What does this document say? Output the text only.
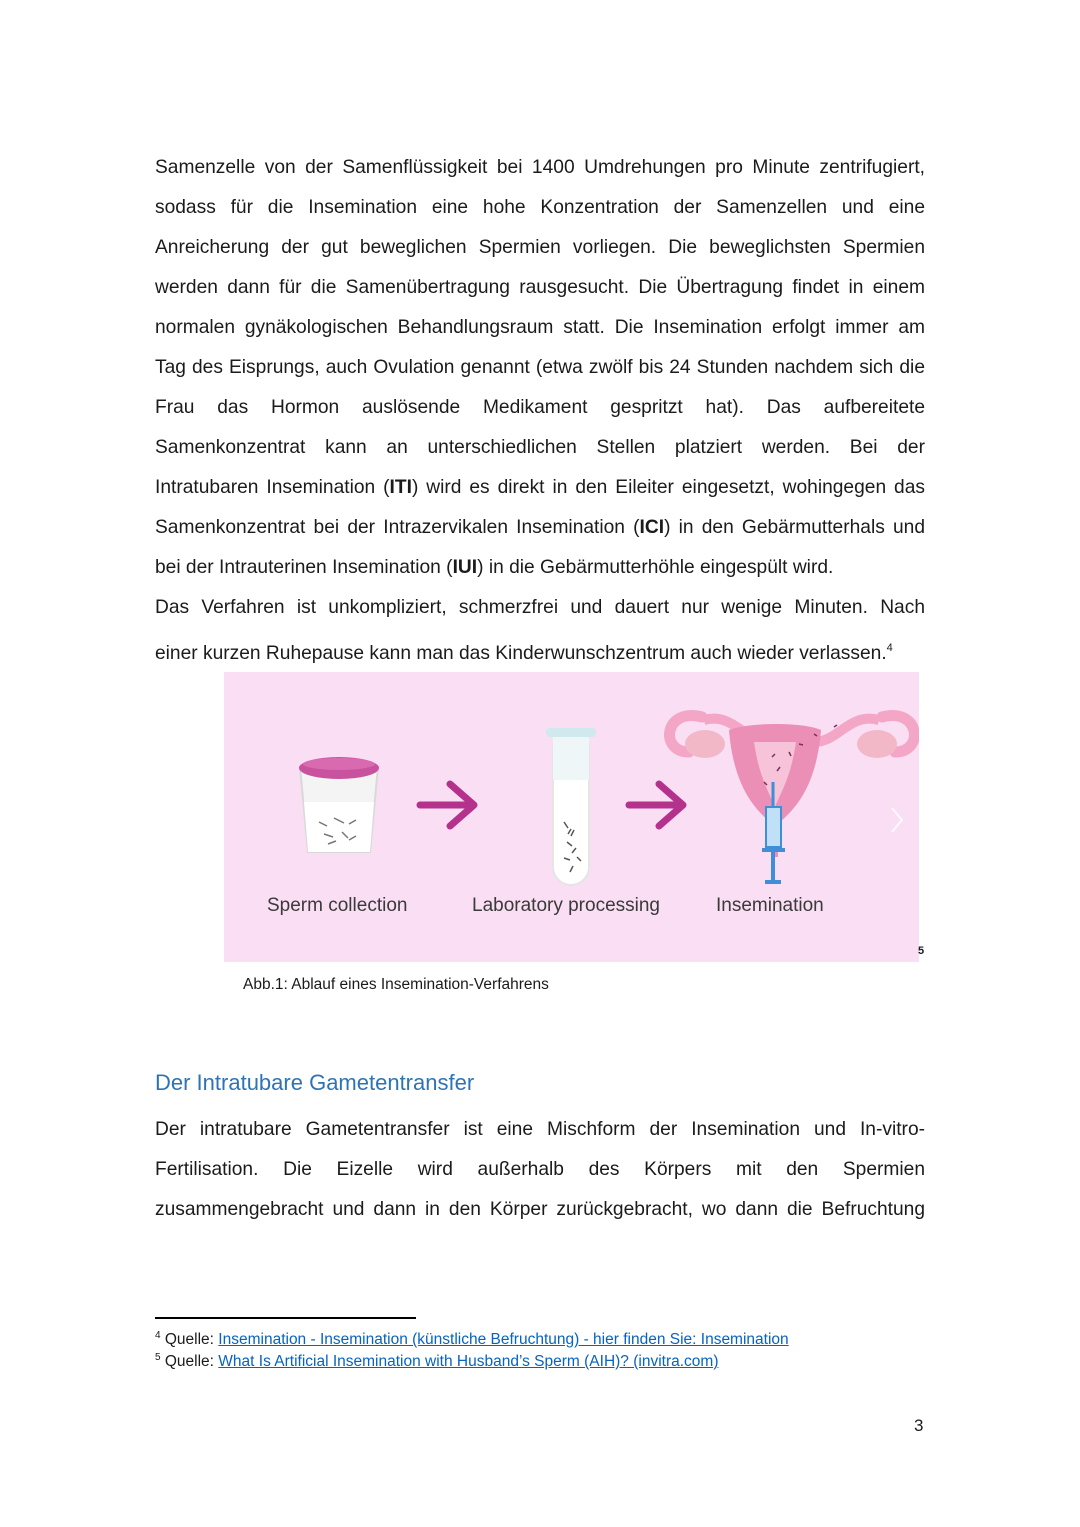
Samenzelle von der Samenflüssigkeit bei 1400 Umdrehungen pro Minute zentrifugiert,
sodass für die Insemination eine hohe Konzentration der Samenzellen und eine
Anreicherung der gut beweglichen Spermien vorliegen. Die beweglichsten Spermien
werden dann für die Samenübertragung rausgesucht. Die Übertragung findet in einem
normalen gynäkologischen Behandlungsraum statt. Die Insemination erfolgt immer am
Tag des Eisprungs, auch Ovulation genannt (etwa zwölf bis 24 Stunden nachdem sich die
Frau das Hormon auslösende Medikament gespritzt hat). Das aufbereitete
Samenkonzentrat kann an unterschiedlichen Stellen platziert werden. Bei der
Intratubaren Insemination (ITI) wird es direkt in den Eileiter eingesetzt, wohingegen das
Samenkonzentrat bei der Intrazervikalen Insemination (ICI) in den Gebärmutterhals und
bei der Intrauterinen Insemination (IUI) in die Gebärmutterhöhle eingespült wird.
Das Verfahren ist unkompliziert, schmerzfrei und dauert nur wenige Minuten. Nach
einer kurzen Ruhepause kann man das Kinderwunschzentrum auch wieder verlassen.$^4$
Sperm collection	Laboratory processing	Insemination
5
Abb.1: Ablauf eines Insemination-Verfahrens
Der Intratubare Gametentransfer
Der intratubare Gametentransfer ist eine Mischform der Insemination und In-vitro-
Fertilisation. Die Eizelle wird außerhalb des Körpers mit den Spermien
zusammengebracht und dann in den Körper zurückgebracht, wo dann die Befruchtung
$^4$ Quelle: Insemination - Insemination (künstliche Befruchtung) - hier finden Sie: Insemination
$^5$ Quelle: What Is Artificial Insemination with Husband’s Sperm (AIH)? (invitra.com)
3
